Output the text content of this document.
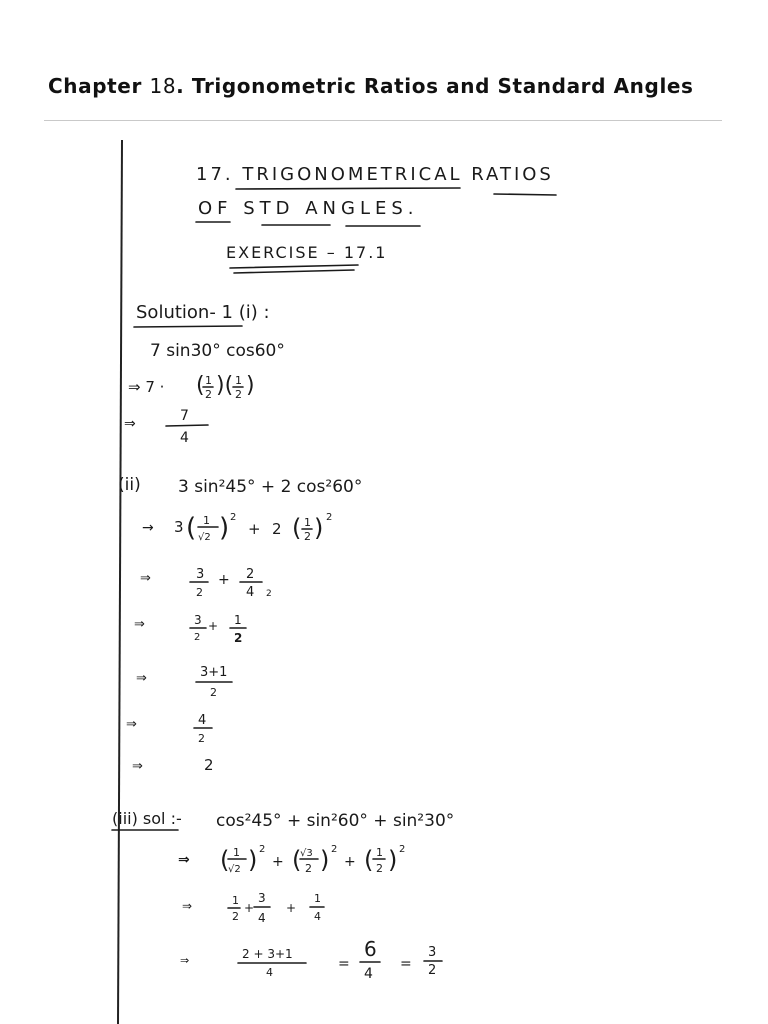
Chapter 18. Trigonometric Ratios and Standard Angles
17. TRIGONOMETRICAL RATIOS
OF STD ANGLES.
EXERCISE – 17.1
Solution- 1 (i) :
7 sin30° cos60°
⇒ 7 · ( 1
2 )( 1
2 )
⇒	7
4
(ii) 3 sin²45° + 2 cos²60°
→ 3 ( 1
√2 ) 2
+ 2 ( 1
2 ) 2
⇒	3
2
+ 2
4 2
⇒	3
2
+ 1
2
⇒	3+1
2
⇒	4
2
⇒	2
(iii) sol :- cos²45° + sin²60° + sin²30°
⇒ ( 1
√2 ) 2
+ (
√3
2 ) 2
+ ( 1
2 ) 2
⇒	1
2
+
3
4
+
1
4
⇒	2 + 3+1
4
=
6
4
=
3
2
